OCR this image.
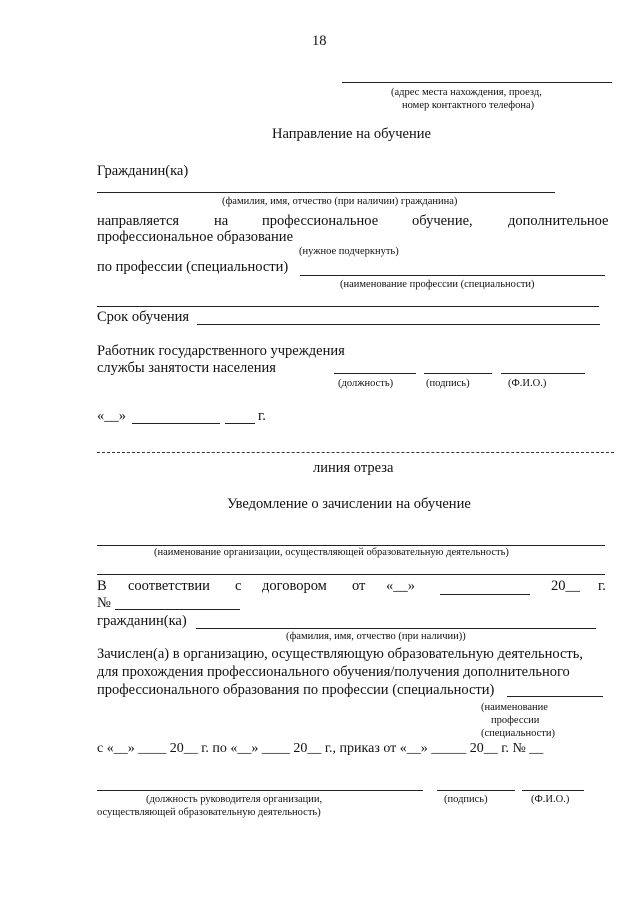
18
(адрес места нахождения, проезд,
номер контактного телефона)
Направление на обучение
Гражданин(ка)
(фамилия, имя, отчество (при наличии) гражданина)
направляется на профессиональное обучение, дополнительное
профессиональное образование
(нужное подчеркнуть)
по профессии (специальности)
(наименование профессии (специальности)
Срок обучения
Работник государственного учреждения
службы занятости населения
(должность)	(подпись)	(Ф.И.О.)
«__»	г.
линия отреза
Уведомление о зачислении на обучение
(наименование организации, осуществляющей образовательную деятельность)
В соответствии с договором от «__»	20__ г.
№
гражданин(ка)
(фамилия, имя, отчество (при наличии))
Зачислен(а) в организацию, осуществляющую образовательную деятельность,
для прохождения профессионального обучения/получения дополнительного
профессионального образования по профессии (специальности)
(наименование
профессии
(специальности)
с «__» ____ 20__ г. по «__» ____ 20__ г., приказ от «__» _____ 20__ г. № __
(должность руководителя организации,
осуществляющей образовательную деятельность)
(подпись)	(Ф.И.О.)
